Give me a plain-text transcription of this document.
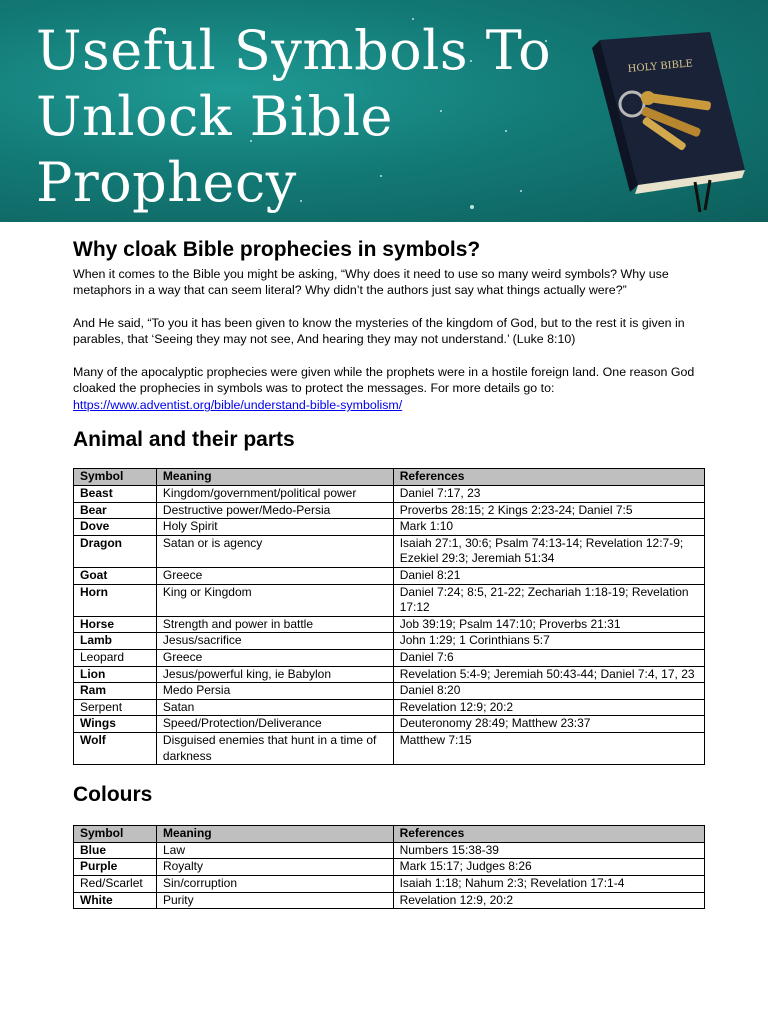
Useful Symbols To
Unlock Bible
Prophecy
HOLY BIBLE
Why cloak Bible prophecies in symbols?

When it comes to the Bible you might be asking, “Why does it need to use so many weird symbols? Why use metaphors in a way that can seem literal? Why didn’t the authors just say what things actually were?”

And He said, “To you it has been given to know the mysteries of the kingdom of God, but to the rest it is given in parables, that ‘Seeing they may not see, And hearing they may not understand.’ (Luke 8:10)

Many of the apocalyptic prophecies were given while the prophets were in a hostile foreign land. One reason God cloaked the prophecies in symbols was to protect the messages. For more details go to:

https://www.adventist.org/bible/understand-bible-symbolism/
Animal and their parts
Symbol	Meaning	References
Beast	Kingdom/government/political power	Daniel 7:17, 23
Bear	Destructive power/Medo-Persia	Proverbs 28:15; 2 Kings 2:23-24; Daniel 7:5
Dove	Holy Spirit	Mark 1:10
Dragon	Satan or is agency	Isaiah 27:1, 30:6; Psalm 74:13-14; Revelation 12:7-9; Ezekiel 29:3; Jeremiah 51:34
Goat	Greece	Daniel 8:21
Horn	King or Kingdom	Daniel 7:24; 8:5, 21-22; Zechariah 1:18-19; Revelation 17:12
Horse	Strength and power in battle	Job 39:19; Psalm 147:10; Proverbs 21:31
Lamb	Jesus/sacrifice	John 1:29; 1 Corinthians 5:7
Leopard	Greece	Daniel 7:6
Lion	Jesus/powerful king, ie Babylon	Revelation 5:4-9; Jeremiah 50:43-44; Daniel 7:4, 17, 23
Ram	Medo Persia	Daniel 8:20
Serpent	Satan	Revelation 12:9; 20:2
Wings	Speed/Protection/Deliverance	Deuteronomy 28:49; Matthew 23:37
Wolf	Disguised enemies that hunt in a time of darkness	Matthew 7:15
Colours
Symbol	Meaning	References
Blue	Law	Numbers 15:38-39
Purple	Royalty	Mark 15:17; Judges 8:26
Red/Scarlet	Sin/corruption	Isaiah 1:18; Nahum 2:3; Revelation 17:1-4
White	Purity	Revelation 12:9, 20:2
